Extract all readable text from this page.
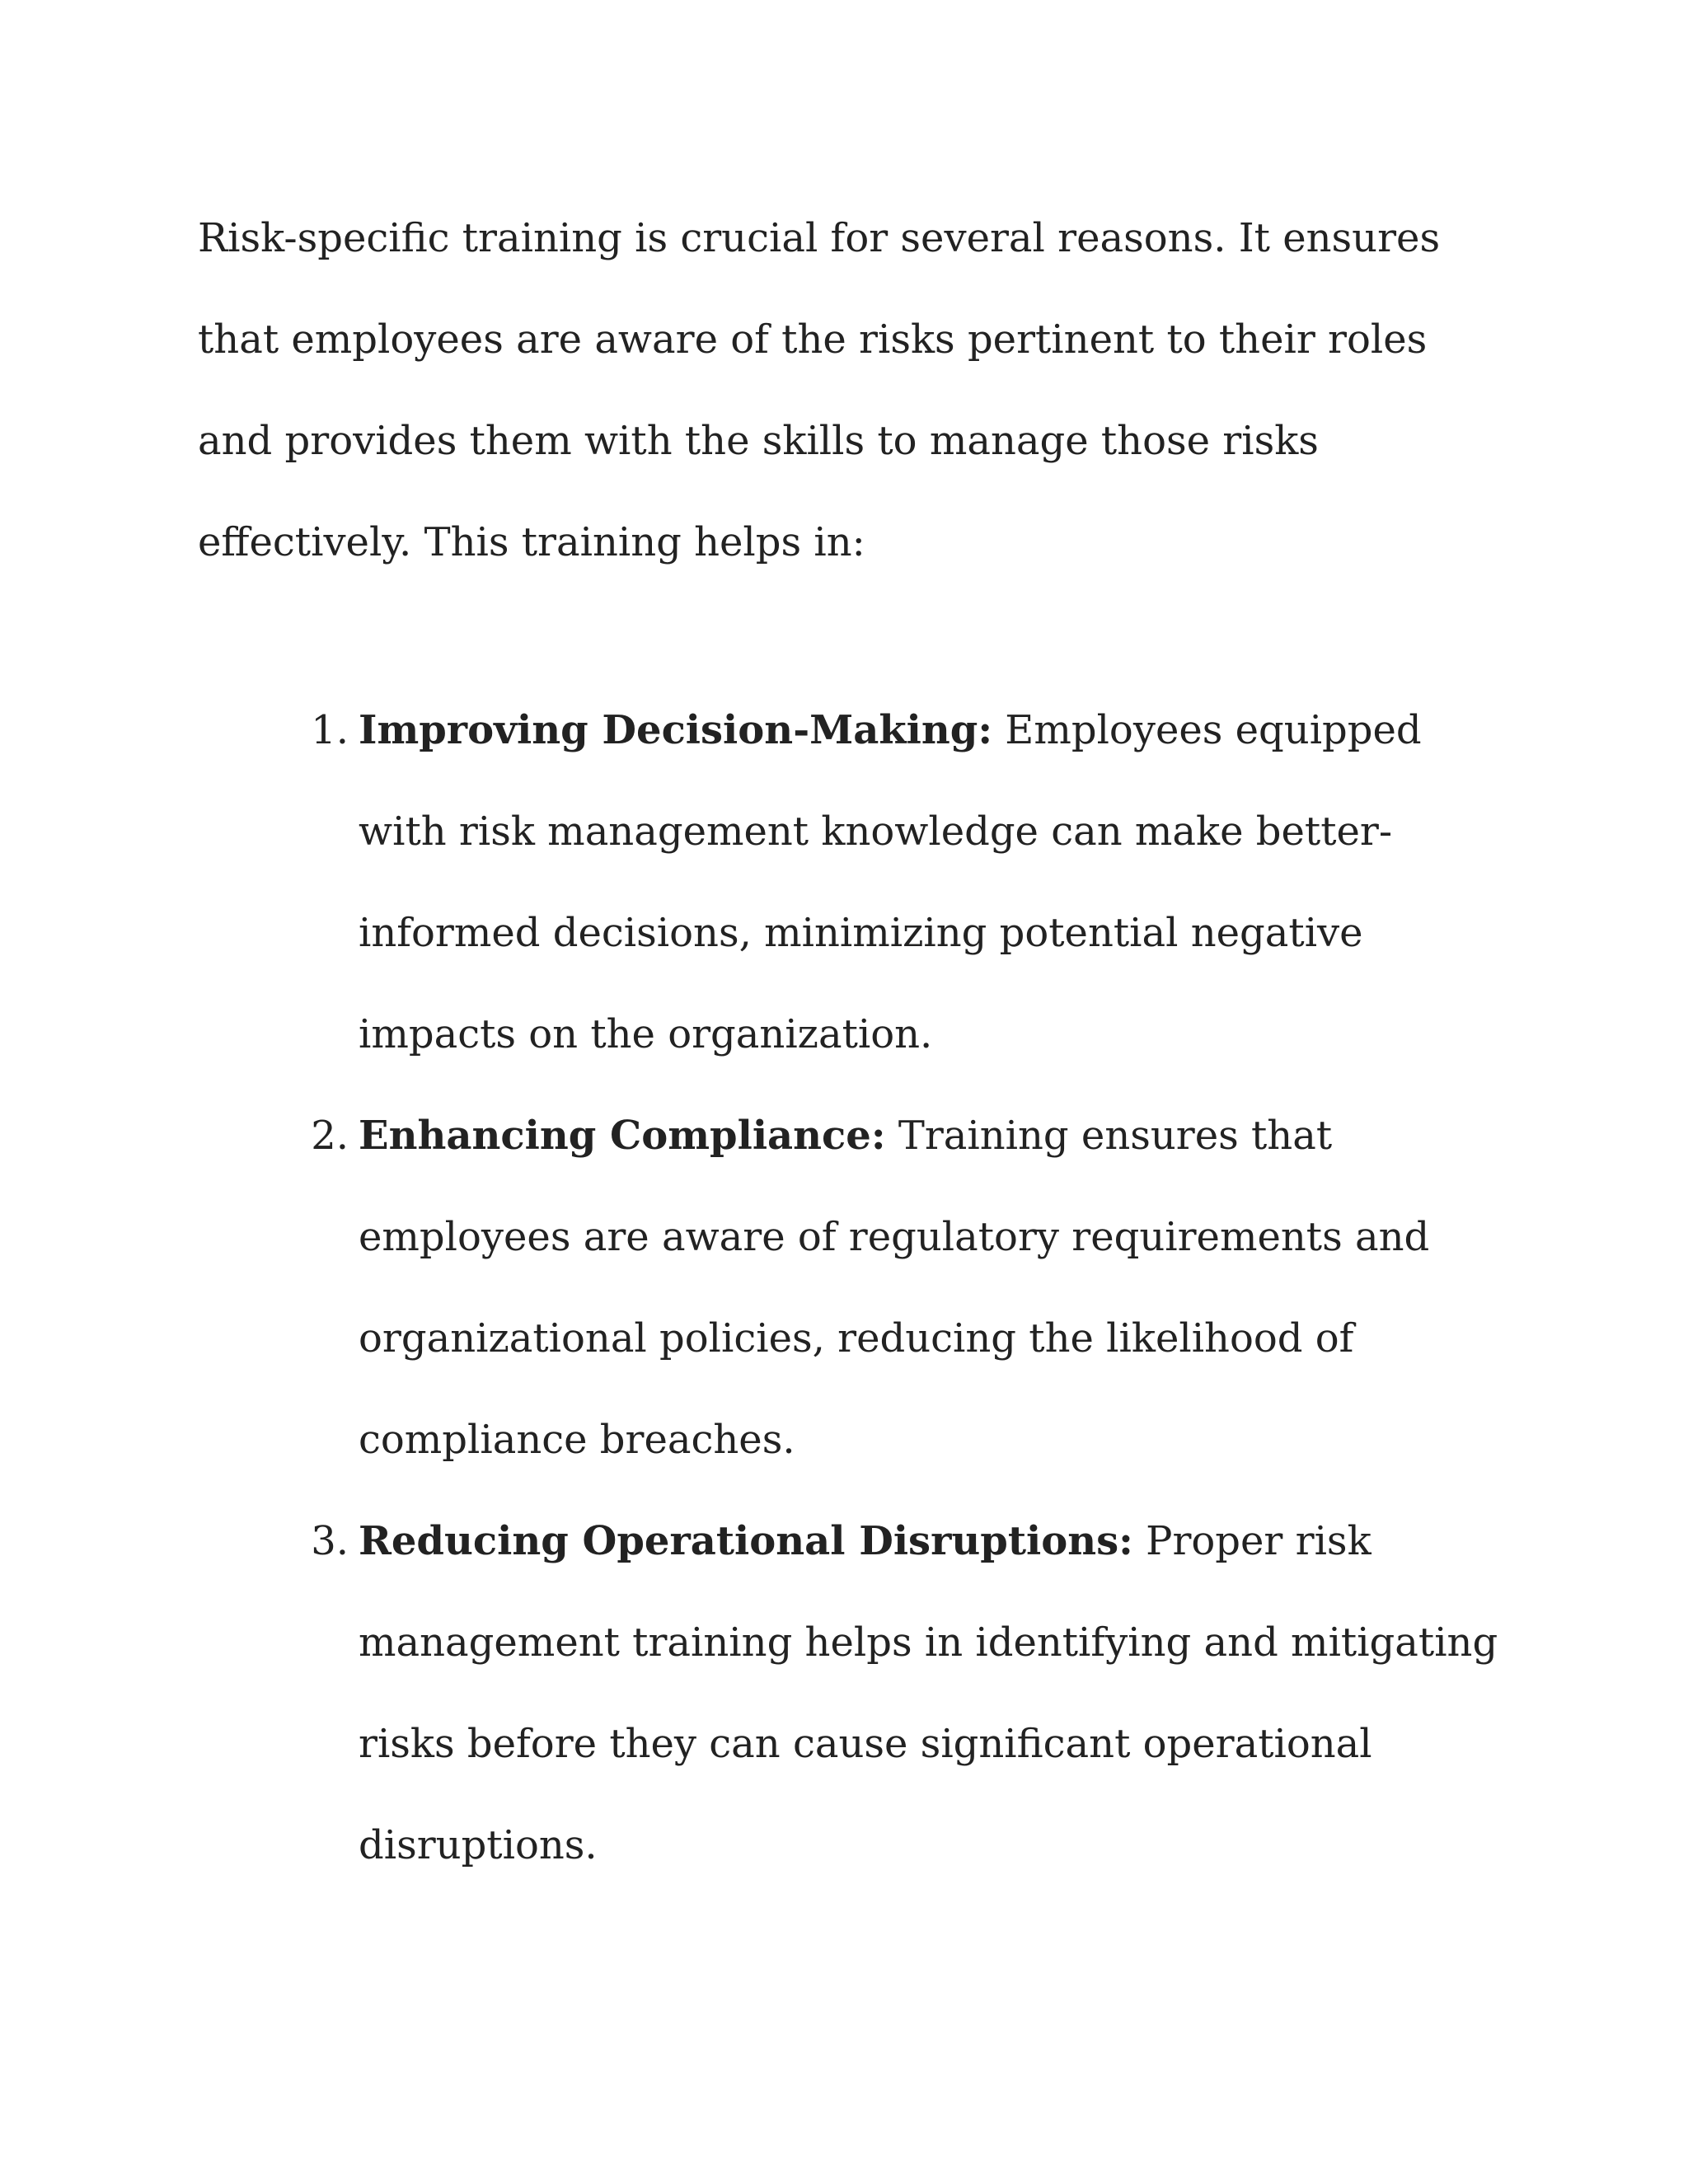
Risk-specific training is crucial for several reasons. It ensures that employees are aware of the risks pertinent to their roles and provides them with the skills to manage those risks effectively. This training helps in:

1. Improving Decision-Making: Employees equipped with risk management knowledge can make better-informed decisions, minimizing potential negative impacts on the organization.
2. Enhancing Compliance: Training ensures that employees are aware of regulatory requirements and organizational policies, reducing the likelihood of compliance breaches.
3. Reducing Operational Disruptions: Proper risk management training helps in identifying and mitigating risks before they can cause significant operational disruptions.
